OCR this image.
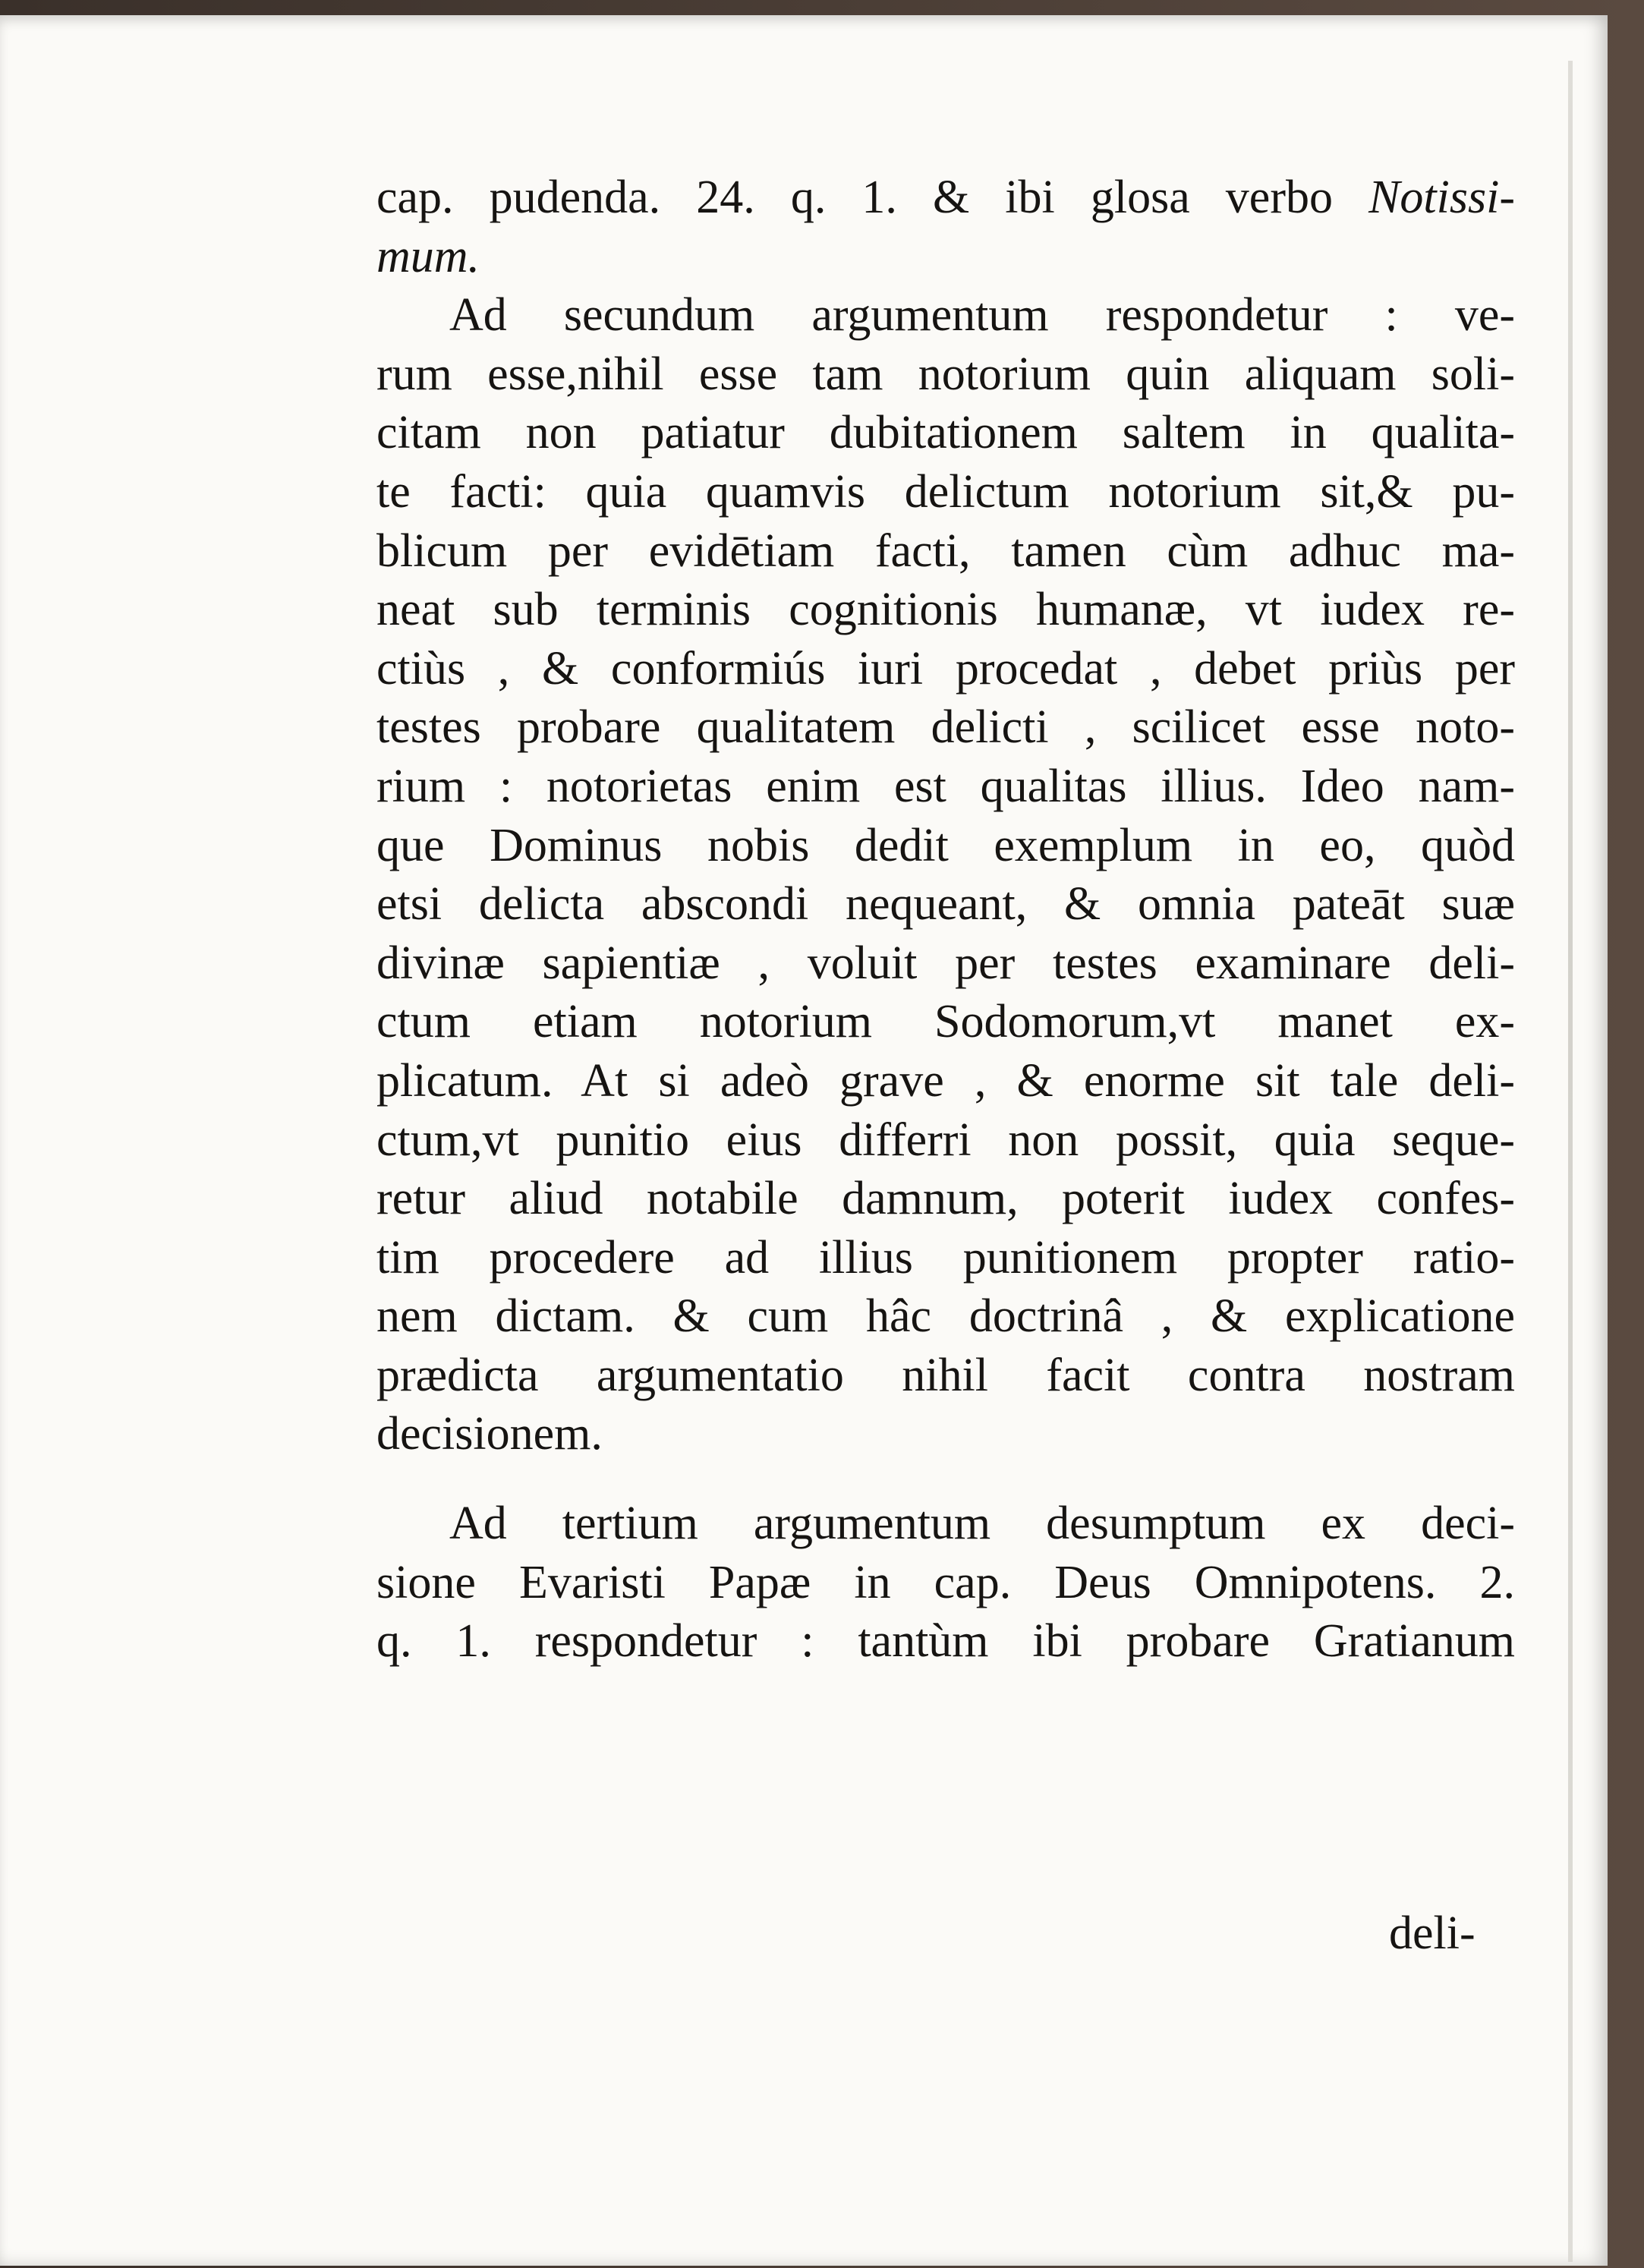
cap. pudenda. 24. q. 1. & ibi glosa verbo Notissi-
mum.
Ad secundum argumentum respondetur : ve-
rum esse,nihil esse tam notorium quin aliquam soli-
citam non patiatur dubitationem saltem in qualita-
te facti: quia quamvis delictum notorium sit,& pu-
blicum per evidētiam facti, tamen cùm adhuc ma-
neat sub terminis cognitionis humanæ, vt iudex re-
ctiùs , & conformiús iuri procedat , debet priùs per
testes probare qualitatem delicti , scilicet esse noto-
rium : notorietas enim est qualitas illius. Ideo nam-
que Dominus nobis dedit exemplum in eo, quòd
etsi delicta abscondi nequeant, & omnia pateāt suæ
divinæ sapientiæ , voluit per testes examinare deli-
ctum etiam notorium Sodomorum,vt manet ex-
plicatum. At si adeò grave , & enorme sit tale deli-
ctum,vt punitio eius differri non possit, quia seque-
retur aliud notabile damnum, poterit iudex confes-
tim procedere ad illius punitionem propter ratio-
nem dictam. & cum hâc doctrinâ , & explicatione
prædicta argumentatio nihil facit contra nostram
decisionem.
Ad tertium argumentum desumptum ex deci-
sione Evaristi Papæ in cap. Deus Omnipotens. 2.
q. 1. respondetur : tantùm ibi probare Gratianum
deli-
